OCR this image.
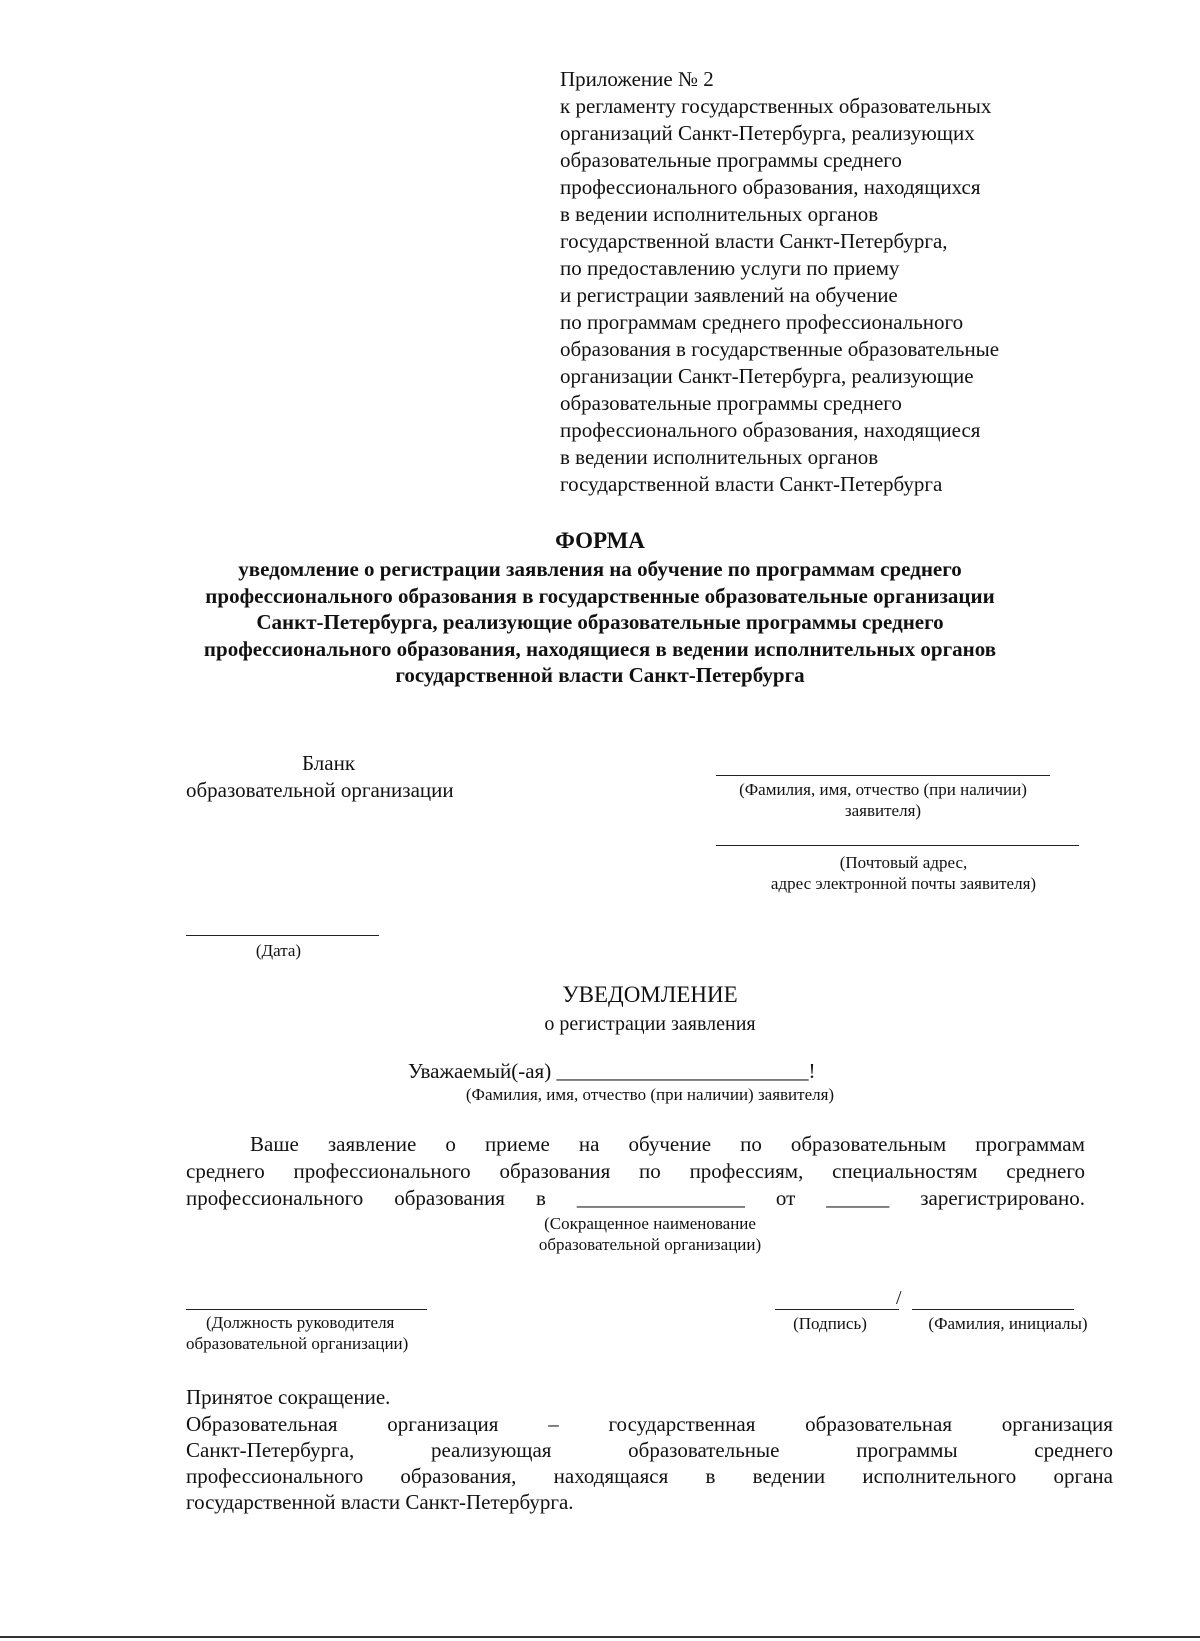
Приложение № 2
к регламенту государственных образовательных
организаций Санкт-Петербурга, реализующих
образовательные программы среднего
профессионального образования, находящихся
в ведении исполнительных органов
государственной власти Санкт-Петербурга,
по предоставлению услуги по приему
и регистрации заявлений на обучение
по программам среднего профессионального
образования в государственные образовательные
организации Санкт-Петербурга, реализующие
образовательные программы среднего
профессионального образования, находящиеся
в ведении исполнительных органов
государственной власти Санкт-Петербурга
ФОРМА
уведомление о регистрации заявления на обучение по программам среднего
профессионального образования в государственные образовательные организации
Санкт-Петербурга, реализующие образовательные программы среднего
профессионального образования, находящиеся в ведении исполнительных органов
государственной власти Санкт-Петербурга
Бланк
образовательной организации	(Фамилия, имя, отчество (при наличии)
заявителя)
(Почтовый адрес,
адрес электронной почты заявителя)
(Дата)
УВЕДОМЛЕНИЕ
о регистрации заявления
Уважаемый(-ая) ________________________!
(Фамилия, имя, отчество (при наличии) заявителя)
Ваше заявление о приеме на обучение по образовательным программам
среднего профессионального образования по профессиям, специальностям среднего
профессионального образования в ________________ от ______ зарегистрировано.
(Сокращенное наименование
образовательной организации)
(Должность руководителя
образовательной организации)
/
(Подпись)	(Фамилия, инициалы)
Принятое сокращение.
Образовательная организация – государственная образовательная организация
Санкт-Петербурга,	реализующая	образовательные	программы	среднего
профессионального образования, находящаяся в ведении исполнительного органа
государственной власти Санкт-Петербурга.
